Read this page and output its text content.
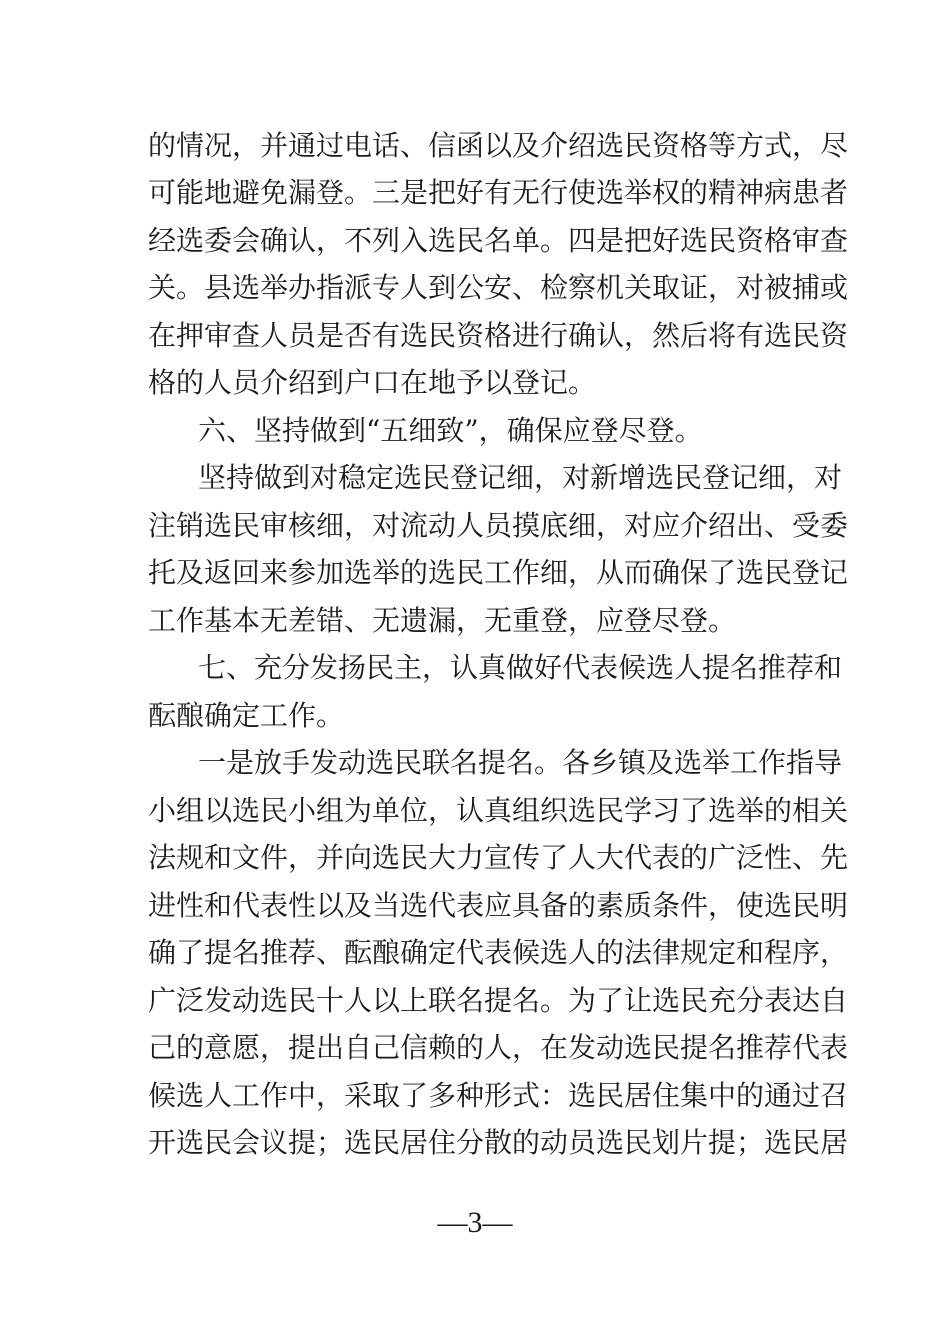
的情况，并通过电话、信函以及介绍选民资格等方式，尽
可能地避免漏登。三是把好有无行使选举权的精神病患者
经选委会确认，不列入选民名单。四是把好选民资格审查
关。县选举办指派专人到公安、检察机关取证，对被捕或
在押审查人员是否有选民资格进行确认，然后将有选民资
格的人员介绍到户口在地予以登记。
六、坚持做到“五细致”，确保应登尽登。
坚持做到对稳定选民登记细，对新增选民登记细，对
注销选民审核细，对流动人员摸底细，对应介绍出、受委
托及返回来参加选举的选民工作细，从而确保了选民登记
工作基本无差错、无遗漏，无重登，应登尽登。
七、充分发扬民主，认真做好代表候选人提名推荐和
酝酿确定工作。
一是放手发动选民联名提名。各乡镇及选举工作指导
小组以选民小组为单位，认真组织选民学习了选举的相关
法规和文件，并向选民大力宣传了人大代表的广泛性、先
进性和代表性以及当选代表应具备的素质条件，使选民明
确了提名推荐、酝酿确定代表候选人的法律规定和程序，
广泛发动选民十人以上联名提名。为了让选民充分表达自
己的意愿，提出自己信赖的人，在发动选民提名推荐代表
候选人工作中，采取了多种形式：选民居住集中的通过召
开选民会议提；选民居住分散的动员选民划片提；选民居
—3—
